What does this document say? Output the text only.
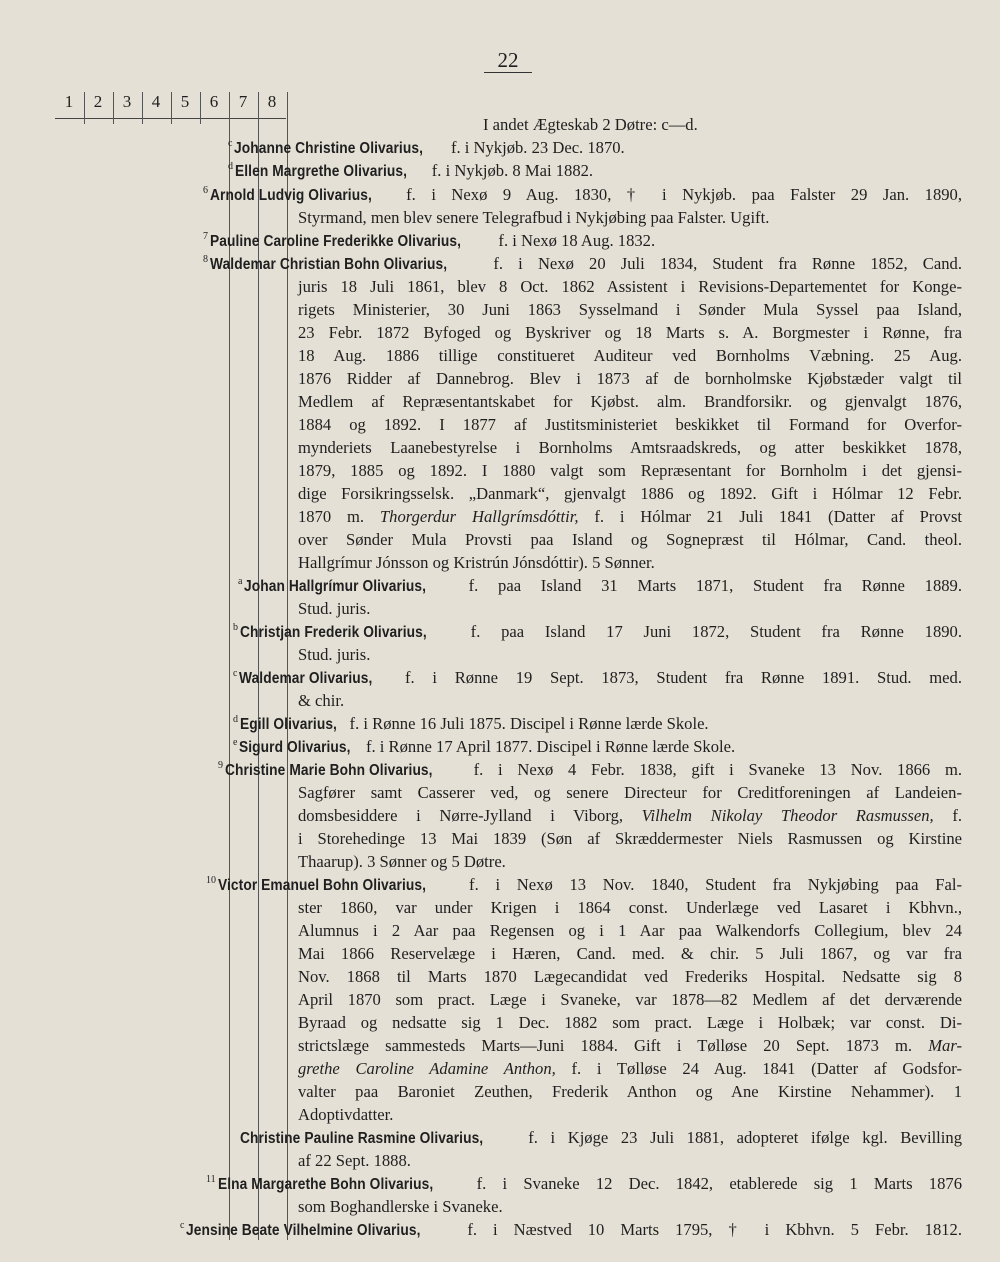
22
1	2	3	4	5	6	7	8
I andet Ægteskab 2 Døtre: c—d.
$^c$ Johanne Christine Olivarius, f. i Nykjøb. 23 Dec. 1870.
$^d$ Ellen Margrethe Olivarius, f. i Nykjøb. 8 Mai 1882.
$^6$ Arnold Ludvig Olivarius, f. i Nexø 9 Aug. 1830, † i Nykjøb. paa Falster 29 Jan. 1890,
Styrmand, men blev senere Telegrafbud i Nykjøbing paa Falster. Ugift.
$^7$ Pauline Caroline Frederikke Olivarius, f. i Nexø 18 Aug. 1832.
$^8$ Waldemar Christian Bohn Olivarius, f. i Nexø 20 Juli 1834, Student fra Rønne 1852, Cand.
juris 18 Juli 1861, blev 8 Oct. 1862 Assistent i Revisions-Departementet for Konge-
rigets Ministerier, 30 Juni 1863 Sysselmand i Sønder Mula Syssel paa Island,
23 Febr. 1872 Byfoged og Byskriver og 18 Marts s. A. Borgmester i Rønne, fra
18 Aug. 1886 tillige constitueret Auditeur ved Bornholms Væbning. 25 Aug.
1876 Ridder af Dannebrog. Blev i 1873 af de bornholmske Kjøbstæder valgt til
Medlem af Repræsentantskabet for Kjøbst. alm. Brandforsikr. og gjenvalgt 1876,
1884 og 1892. I 1877 af Justitsministeriet beskikket til Formand for Overfor-
mynderiets Laanebestyrelse i Bornholms Amtsraadskreds, og atter beskikket 1878,
1879, 1885 og 1892. I 1880 valgt som Repræsentant for Bornholm i det gjensi-
dige Forsikringsselsk. „Danmark“, gjenvalgt 1886 og 1892. Gift i Hólmar 12 Febr.
1870 m. Thorgerdur Hallgrímsdóttir, f. i Hólmar 21 Juli 1841 (Datter af Provst
over Sønder Mula Provsti paa Island og Sognepræst til Hólmar, Cand. theol.
Hallgrímur Jónsson og Kristrún Jónsdóttir). 5 Sønner.
$^a$ Johan Hallgrímur Olivarius, f. paa Island 31 Marts 1871, Student fra Rønne 1889.
Stud. juris.
$^b$ Christjan Frederik Olivarius, f. paa Island 17 Juni 1872, Student fra Rønne 1890.
Stud. juris.
$^c$ Waldemar Olivarius, f. i Rønne 19 Sept. 1873, Student fra Rønne 1891. Stud. med.
& chir.
$^d$ Egill Olivarius, f. i Rønne 16 Juli 1875. Discipel i Rønne lærde Skole.
$^e$ Sigurd Olivarius, f. i Rønne 17 April 1877. Discipel i Rønne lærde Skole.
$^9$ Christine Marie Bohn Olivarius, f. i Nexø 4 Febr. 1838, gift i Svaneke 13 Nov. 1866 m.
Sagfører samt Casserer ved, og senere Directeur for Creditforeningen af Landeien-
domsbesiddere i Nørre-Jylland i Viborg, Vilhelm Nikolay Theodor Rasmussen, f.
i Storehedinge 13 Mai 1839 (Søn af Skræddermester Niels Rasmussen og Kirstine
Thaarup). 3 Sønner og 5 Døtre.
$^{10}$ Victor Emanuel Bohn Olivarius, f. i Nexø 13 Nov. 1840, Student fra Nykjøbing paa Fal-
ster 1860, var under Krigen i 1864 const. Underlæge ved Lasaret i Kbhvn.,
Alumnus i 2 Aar paa Regensen og i 1 Aar paa Walkendorfs Collegium, blev 24
Mai 1866 Reservelæge i Hæren, Cand. med. & chir. 5 Juli 1867, og var fra
Nov. 1868 til Marts 1870 Lægecandidat ved Frederiks Hospital. Nedsatte sig 8
April 1870 som pract. Læge i Svaneke, var 1878—82 Medlem af det derværende
Byraad og nedsatte sig 1 Dec. 1882 som pract. Læge i Holbæk; var const. Di-
strictslæge sammesteds Marts—Juni 1884. Gift i Tølløse 20 Sept. 1873 m. Mar-
grethe Caroline Adamine Anthon, f. i Tølløse 24 Aug. 1841 (Datter af Godsfor-
valter paa Baroniet Zeuthen, Frederik Anthon og Ane Kirstine Nehammer). 1
Adoptivdatter.
Christine Pauline Rasmine Olivarius, f. i Kjøge 23 Juli 1881, adopteret ifølge kgl. Bevilling
af 22 Sept. 1888.
$^{11}$ Elna Margarethe Bohn Olivarius, f. i Svaneke 12 Dec. 1842, etablerede sig 1 Marts 1876
som Boghandlerske i Svaneke.
$^c$ Jensine Beate Vilhelmine Olivarius, f. i Næstved 10 Marts 1795, † i Kbhvn. 5 Febr. 1812.
